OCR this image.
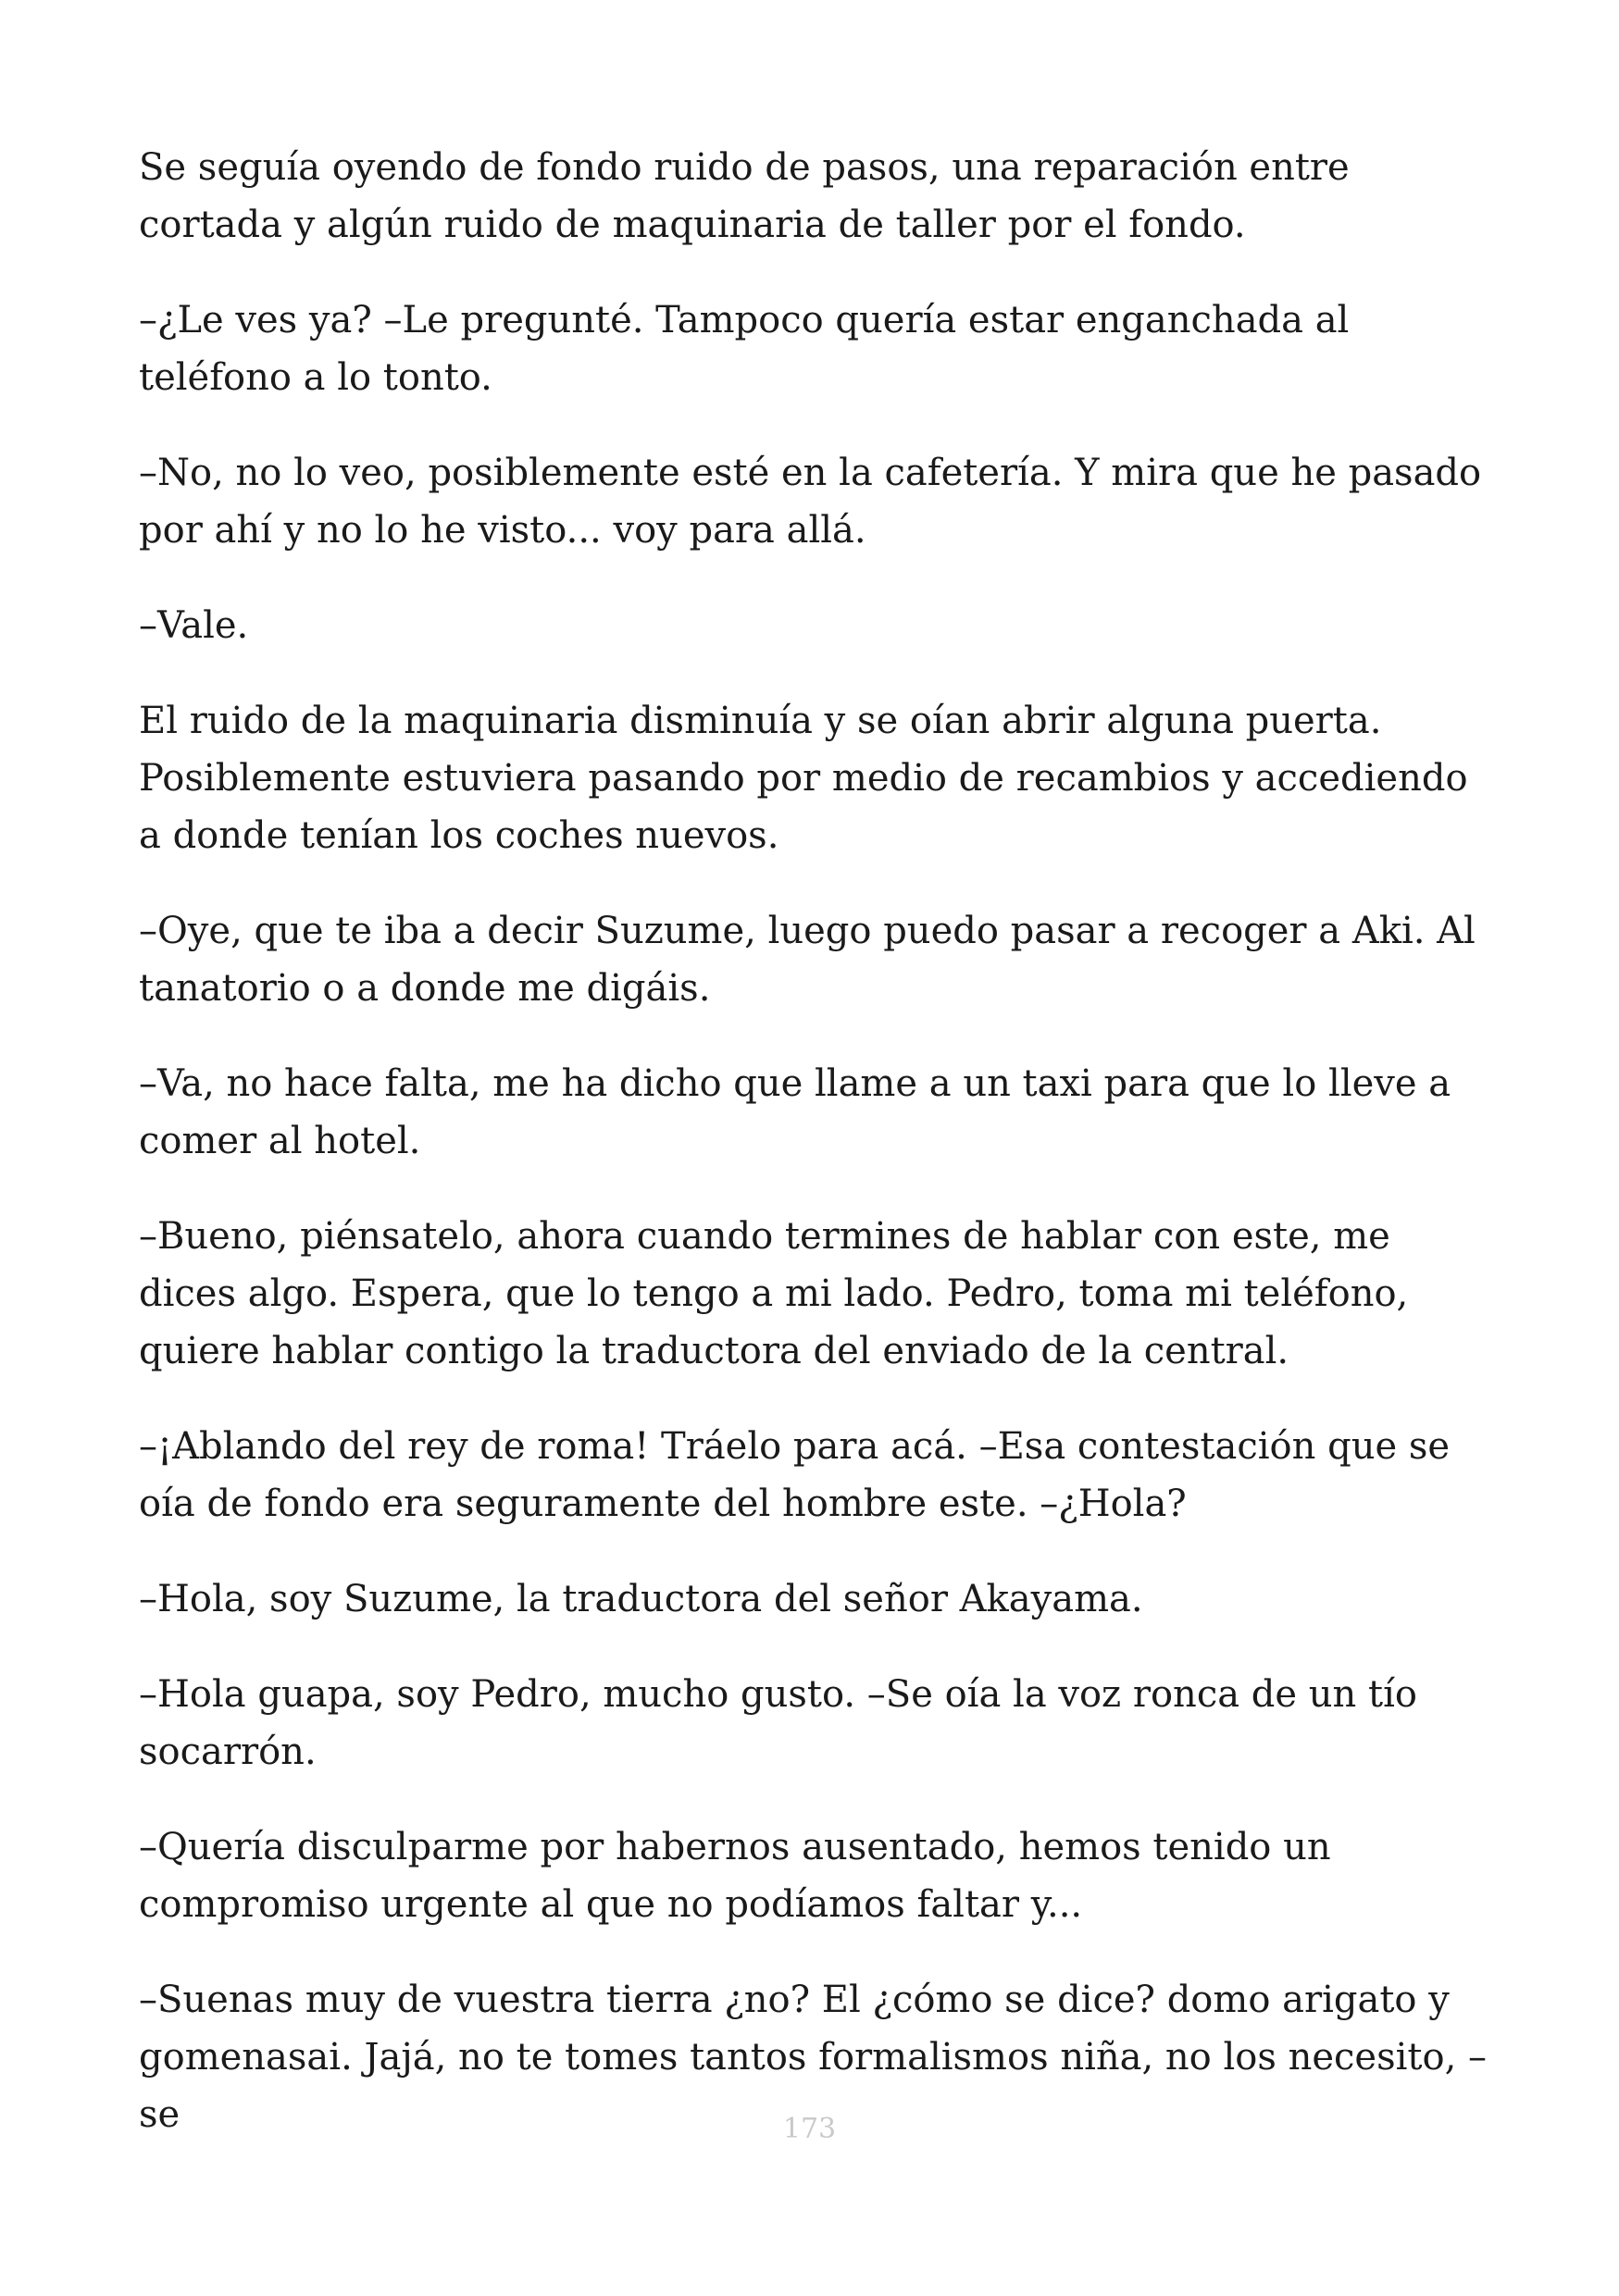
Se seguía oyendo de fondo ruido de pasos, una reparación entre cortada y algún ruido de maquinaria de taller por el fondo.

–¿Le ves ya? –Le pregunté. Tampoco quería estar enganchada al teléfono a lo tonto.

–No, no lo veo, posiblemente esté en la cafetería. Y mira que he pasado por ahí y no lo he visto... voy para allá.

–Vale.

El ruido de la maquinaria disminuía y se oían abrir alguna puerta. Posiblemente estuviera pasando por medio de recambios y accediendo a donde tenían los coches nuevos.

–Oye, que te iba a decir Suzume, luego puedo pasar a recoger a Aki. Al tanatorio o a donde me digáis.

–Va, no hace falta, me ha dicho que llame a un taxi para que lo lleve a comer al hotel.

–Bueno, piénsatelo, ahora cuando termines de hablar con este, me dices algo. Espera, que lo tengo a mi lado. Pedro, toma mi teléfono, quiere hablar contigo la traductora del enviado de la central.

–¡Ablando del rey de roma! Tráelo para acá. –Esa contestación que se oía de fondo era seguramente del hombre este. –¿Hola?

–Hola, soy Suzume, la traductora del señor Akayama.

–Hola guapa, soy Pedro, mucho gusto. –Se oía la voz ronca de un tío socarrón.

–Quería disculparme por habernos ausentado, hemos tenido un compromiso urgente al que no podíamos faltar y...

–Suenas muy de vuestra tierra ¿no? El ¿cómo se dice? domo arigato y gomenasai. Jajá, no te tomes tantos formalismos niña, no los necesito, –se	173
